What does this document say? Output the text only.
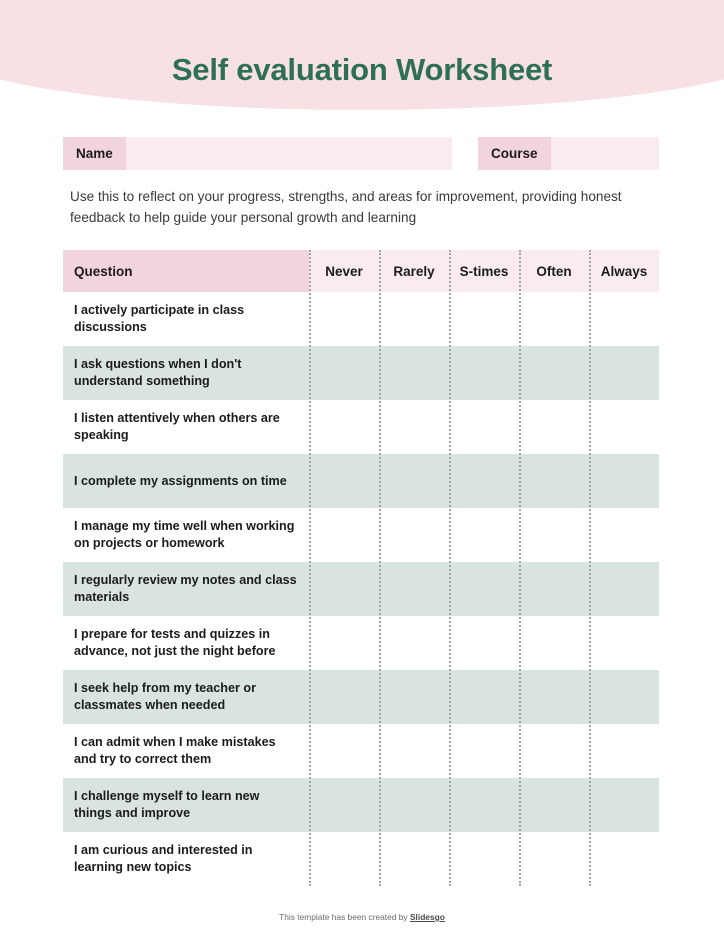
Self evaluation Worksheet
Name	Course
Use this to reflect on your progress, strengths, and areas for improvement, providing honest feedback to help guide your personal growth and learning
Question	Never	Rarely	S-times	Often	Always
I actively participate in class discussions
I ask questions when I don't understand something
I listen attentively when others are speaking
I complete my assignments on time
I manage my time well when working on projects or homework
I regularly review my notes and class materials
I prepare for tests and quizzes in advance, not just the night before
I seek help from my teacher or classmates when needed
I can admit when I make mistakes and try to correct them
I challenge myself to learn new things and improve
I am curious and interested in learning new topics
This template has been created by Slidesgo
